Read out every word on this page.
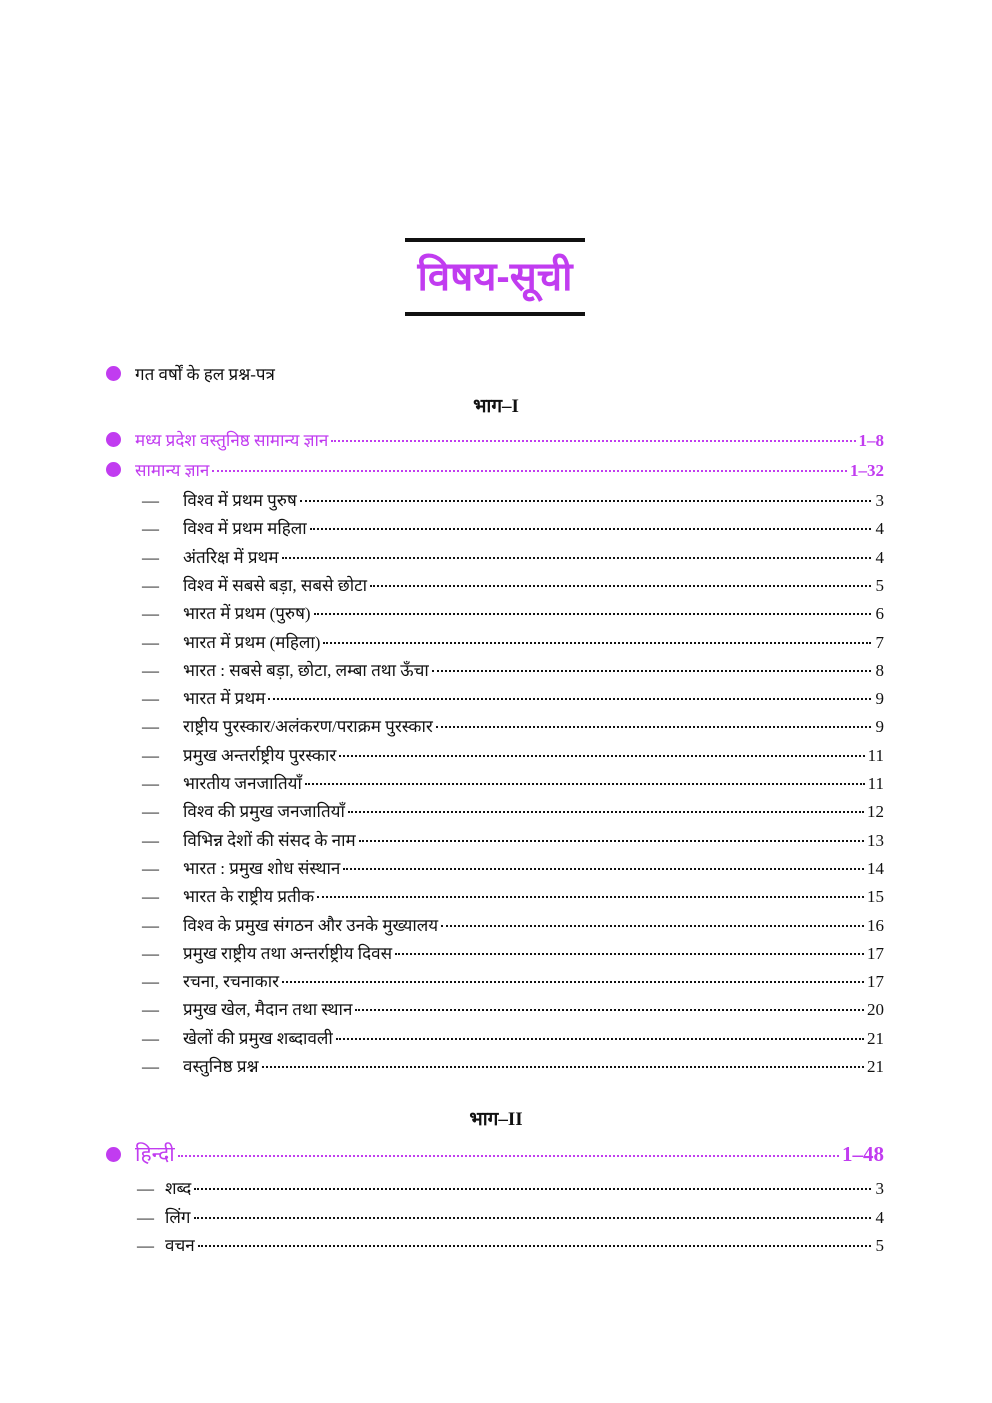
विषय-सूची
गत वर्षों के हल प्रश्न-पत्र
भाग–I
मध्य प्रदेश वस्तुनिष्ठ सामान्य ज्ञान	1–8
सामान्य ज्ञान	1–32
—	विश्व में प्रथम पुरुष	3
—	विश्व में प्रथम महिला	4
—	अंतरिक्ष में प्रथम	4
—	विश्व में सबसे बड़ा, सबसे छोटा	5
—	भारत में प्रथम (पुरुष)	6
—	भारत में प्रथम (महिला)	7
—	भारत : सबसे बड़ा, छोटा, लम्बा तथा ऊँचा	8
—	भारत में प्रथम	9
—	राष्ट्रीय पुरस्कार/अलंकरण/पराक्रम पुरस्कार	9
—	प्रमुख अन्तर्राष्ट्रीय पुरस्कार	11
—	भारतीय जनजातियाँ	11
—	विश्व की प्रमुख जनजातियाँ	12
—	विभिन्न देशों की संसद के नाम	13
—	भारत : प्रमुख शोध संस्थान	14
—	भारत के राष्ट्रीय प्रतीक	15
—	विश्व के प्रमुख संगठन और उनके मुख्यालय	16
—	प्रमुख राष्ट्रीय तथा अन्तर्राष्ट्रीय दिवस	17
—	रचना, रचनाकार	17
—	प्रमुख खेल, मैदान तथा स्थान	20
—	खेलों की प्रमुख शब्दावली	21
—	वस्तुनिष्ठ प्रश्न	21
भाग–II
हिन्दी	1–48
— शब्द	3
— लिंग	4
— वचन	5
